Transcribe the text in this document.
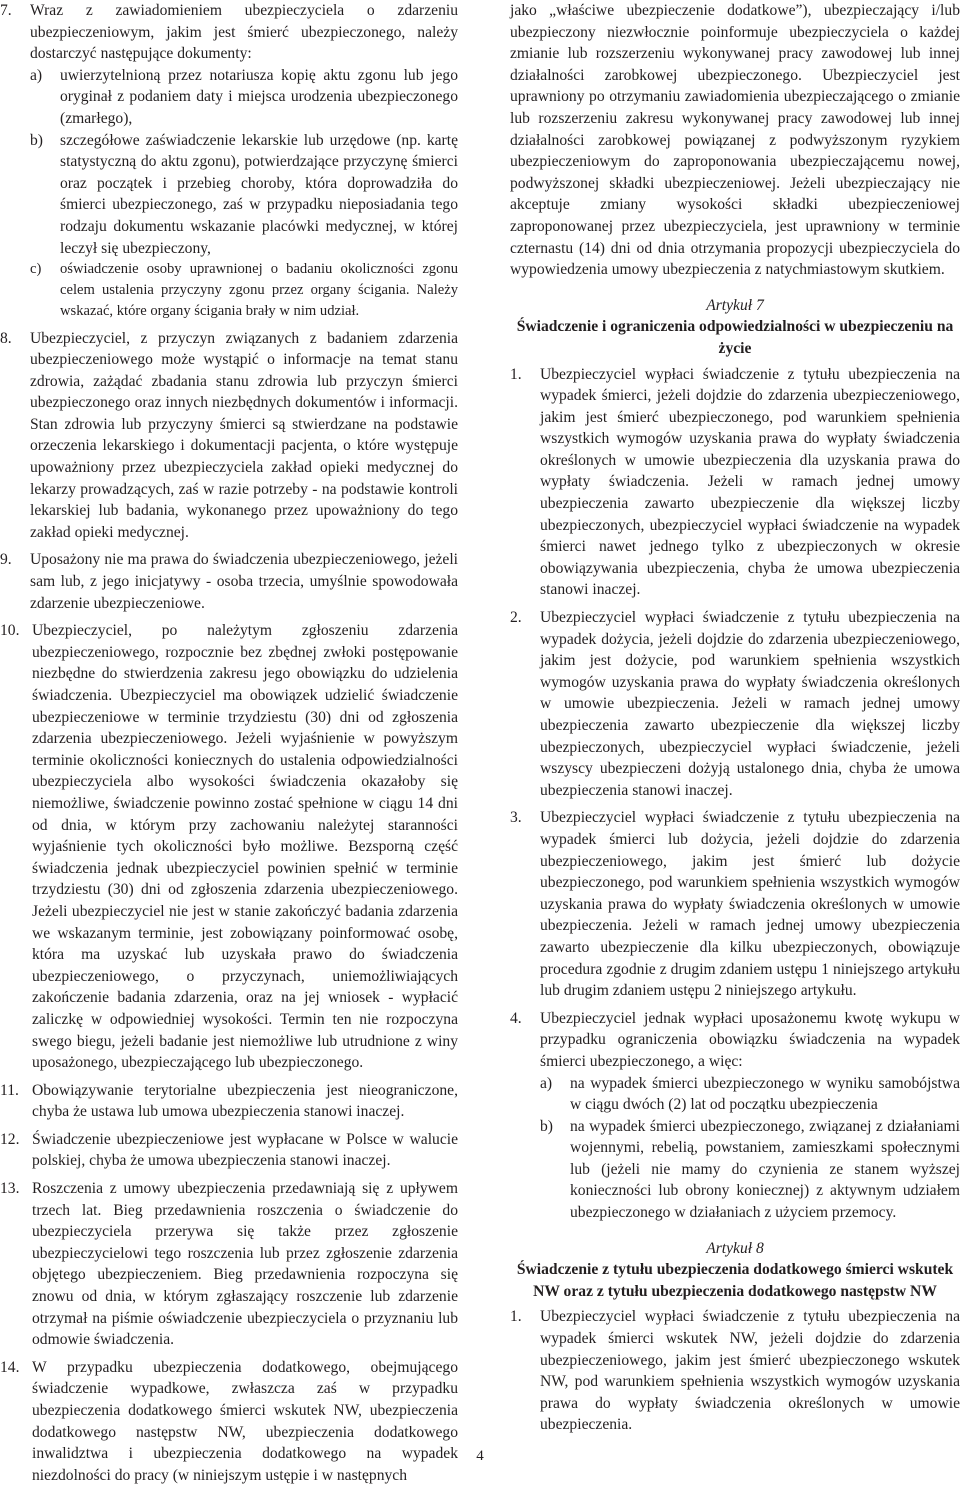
7.	Wraz z zawiadomieniem ubezpieczyciela o zdarzeniu ubezpieczeniowym, jakim jest śmierć ubezpieczonego, należy dostarczyć następujące dokumenty:
a)	uwierzytelnioną przez notariusza kopię aktu zgonu lub jego oryginał z podaniem daty i miejsca urodzenia ubezpieczonego (zmarłego),
b)	szczegółowe zaświadczenie lekarskie lub urzędowe (np. kartę statystyczną do aktu zgonu), potwierdzające przyczynę śmierci oraz początek i przebieg choroby, która doprowadziła do śmierci ubezpieczonego, zaś w przypadku nieposiadania tego rodzaju dokumentu wskazanie placówki medycznej, w której leczył się ubezpieczony,
c)	oświadczenie osoby uprawnionej o badaniu okoliczności zgonu celem ustalenia przyczyny zgonu przez organy ścigania. Należy wskazać, które organy ścigania brały w nim udział.
8.	Ubezpieczyciel, z przyczyn związanych z badaniem zdarzenia ubezpieczeniowego może wystąpić o informacje na temat stanu zdrowia, zażądać zbadania stanu zdrowia lub przyczyn śmierci ubezpieczonego oraz innych niezbędnych dokumentów i informacji. Stan zdrowia lub przyczyny śmierci są stwierdzane na podstawie orzeczenia lekarskiego i dokumentacji pacjenta, o które występuje upoważniony przez ubezpieczyciela zakład opieki medycznej do lekarzy prowadzących, zaś w razie potrzeby - na podstawie kontroli lekarskiej lub badania, wykonanego przez upoważniony do tego zakład opieki medycznej.
9.	Uposażony nie ma prawa do świadczenia ubezpieczeniowego, jeżeli sam lub, z jego inicjatywy - osoba trzecia, umyślnie spowodowała zdarzenie ubezpieczeniowe.
10. Ubezpieczyciel, po należytym zgłoszeniu zdarzenia ubezpieczeniowego, rozpocznie bez zbędnej zwłoki postępowanie niezbędne do stwierdzenia zakresu jego obowiązku do udzielenia świadczenia. Ubezpieczyciel ma obowiązek udzielić świadczenie ubezpieczeniowe w terminie trzydziestu (30) dni od zgłoszenia zdarzenia ubezpieczeniowego. Jeżeli wyjaśnienie w powyższym terminie okoliczności koniecznych do ustalenia odpowiedzialności ubezpieczyciela albo wysokości świadczenia okazałoby się niemożliwe, świadczenie powinno zostać spełnione w ciągu 14 dni od dnia, w którym przy zachowaniu należytej staranności wyjaśnienie tych okoliczności było możliwe. Bezsporną część świadczenia jednak ubezpieczyciel powinien spełnić w terminie trzydziestu (30) dni od zgłoszenia zdarzenia ubezpieczeniowego. Jeżeli ubezpieczyciel nie jest w stanie zakończyć badania zdarzenia we wskazanym terminie, jest zobowiązany poinformować osobę, która ma uzyskać lub uzyskała prawo do świadczenia ubezpieczeniowego, o przyczynach, uniemożliwiających zakończenie badania zdarzenia, oraz na jej wniosek - wypłacić zaliczkę w odpowiedniej wysokości. Termin ten nie rozpoczyna swego biegu, jeżeli badanie jest niemożliwe lub utrudnione z winy uposażonego, ubezpieczającego lub ubezpieczonego.
11. Obowiązywanie terytorialne ubezpieczenia jest nieograniczone, chyba że ustawa lub umowa ubezpieczenia stanowi inaczej.
12. Świadczenie ubezpieczeniowe jest wypłacane w Polsce w walucie polskiej, chyba że umowa ubezpieczenia stanowi inaczej.
13. Roszczenia z umowy ubezpieczenia przedawniają się z upływem trzech lat. Bieg przedawnienia roszczenia o świadczenie do ubezpieczyciela przerywa się także przez zgłoszenie ubezpieczycielowi tego roszczenia lub przez zgłoszenie zdarzenia objętego ubezpieczeniem. Bieg przedawnienia rozpoczyna się znowu od dnia, w którym zgłaszający roszczenie lub zdarzenie otrzymał na piśmie oświadczenie ubezpieczyciela o przyznaniu lub odmowie świadczenia.
14. W przypadku ubezpieczenia dodatkowego, obejmującego świadczenie wypadkowe, zwłaszcza zaś w przypadku ubezpieczenia dodatkowego śmierci wskutek NW, ubezpieczenia dodatkowego następstw NW, ubezpieczenia dodatkowego inwalidztwa i ubezpieczenia dodatkowego na wypadek niezdolności do pracy (w niniejszym ustępie i w następnych
jako „właściwe ubezpieczenie dodatkowe”), ubezpieczający i/lub ubezpieczony niezwłocznie poinformuje ubezpieczyciela o każdej zmianie lub rozszerzeniu wykonywanej pracy zawodowej lub innej działalności zarobkowej ubezpieczonego. Ubezpieczyciel jest uprawniony po otrzymaniu zawiadomienia ubezpieczającego o zmianie lub rozszerzeniu zakresu wykonywanej pracy zawodowej lub innej działalności zarobkowej powiązanej z podwyższonym ryzykiem ubezpieczeniowym do zaproponowania ubezpieczającemu nowej, podwyższonej składki ubezpieczeniowej. Jeżeli ubezpieczający nie akceptuje zmiany wysokości składki ubezpieczeniowej zaproponowanej przez ubezpieczyciela, jest uprawniony w terminie czternastu (14) dni od dnia otrzymania propozycji ubezpieczyciela do wypowiedzenia umowy ubezpieczenia z natychmiastowym skutkiem.
Artykuł 7
Świadczenie i ograniczenia odpowiedzialności w ubezpieczeniu na życie
1.	Ubezpieczyciel wypłaci świadczenie z tytułu ubezpieczenia na wypadek śmierci, jeżeli dojdzie do zdarzenia ubezpieczeniowego, jakim jest śmierć ubezpieczonego, pod warunkiem spełnienia wszystkich wymogów uzyskania prawa do wypłaty świadczenia określonych w umowie ubezpieczenia dla uzyskania prawa do wypłaty świadczenia. Jeżeli w ramach jednej umowy ubezpieczenia zawarto ubezpieczenie dla większej liczby ubezpieczonych, ubezpieczyciel wypłaci świadczenie na wypadek śmierci nawet jednego tylko z ubezpieczonych w okresie obowiązywania ubezpieczenia, chyba że umowa ubezpieczenia stanowi inaczej.
2.	Ubezpieczyciel wypłaci świadczenie z tytułu ubezpieczenia na wypadek dożycia, jeżeli dojdzie do zdarzenia ubezpieczeniowego, jakim jest dożycie, pod warunkiem spełnienia wszystkich wymogów uzyskania prawa do wypłaty świadczenia określonych w umowie ubezpieczenia. Jeżeli w ramach jednej umowy ubezpieczenia zawarto ubezpieczenie dla większej liczby ubezpieczonych, ubezpieczyciel wypłaci świadczenie, jeżeli wszyscy ubezpieczeni dożyją ustalonego dnia, chyba że umowa ubezpieczenia stanowi inaczej.
3.	Ubezpieczyciel wypłaci świadczenie z tytułu ubezpieczenia na wypadek śmierci lub dożycia, jeżeli dojdzie do zdarzenia ubezpieczeniowego, jakim jest śmierć lub dożycie ubezpieczonego, pod warunkiem spełnienia wszystkich wymogów uzyskania prawa do wypłaty świadczenia określonych w umowie ubezpieczenia. Jeżeli w ramach jednej umowy ubezpieczenia zawarto ubezpieczenie dla kilku ubezpieczonych, obowiązuje procedura zgodnie z drugim zdaniem ustępu 1 niniejszego artykułu lub drugim zdaniem ustępu 2 niniejszego artykułu.
4.	Ubezpieczyciel jednak wypłaci uposażonemu kwotę wykupu w przypadku ograniczenia obowiązku świadczenia na wypadek śmierci ubezpieczonego, a więc:
a)	na wypadek śmierci ubezpieczonego w wyniku samobójstwa w ciągu dwóch (2) lat od początku ubezpieczenia
b)	na wypadek śmierci ubezpieczonego, związanej z działaniami wojennymi, rebelią, powstaniem, zamieszkami społecznymi lub (jeżeli nie mamy do czynienia ze stanem wyższej konieczności lub obrony koniecznej) z aktywnym udziałem ubezpieczonego w działaniach z użyciem przemocy.
Artykuł 8
Świadczenie z tytułu ubezpieczenia dodatkowego śmierci wskutek NW oraz z tytułu ubezpieczenia dodatkowego następstw NW
1.	Ubezpieczyciel wypłaci świadczenie z tytułu ubezpieczenia na wypadek śmierci wskutek NW, jeżeli dojdzie do zdarzenia ubezpieczeniowego, jakim jest śmierć ubezpieczonego wskutek NW, pod warunkiem spełnienia wszystkich wymogów uzyskania prawa do wypłaty świadczenia określonych w umowie ubezpieczenia.
4
